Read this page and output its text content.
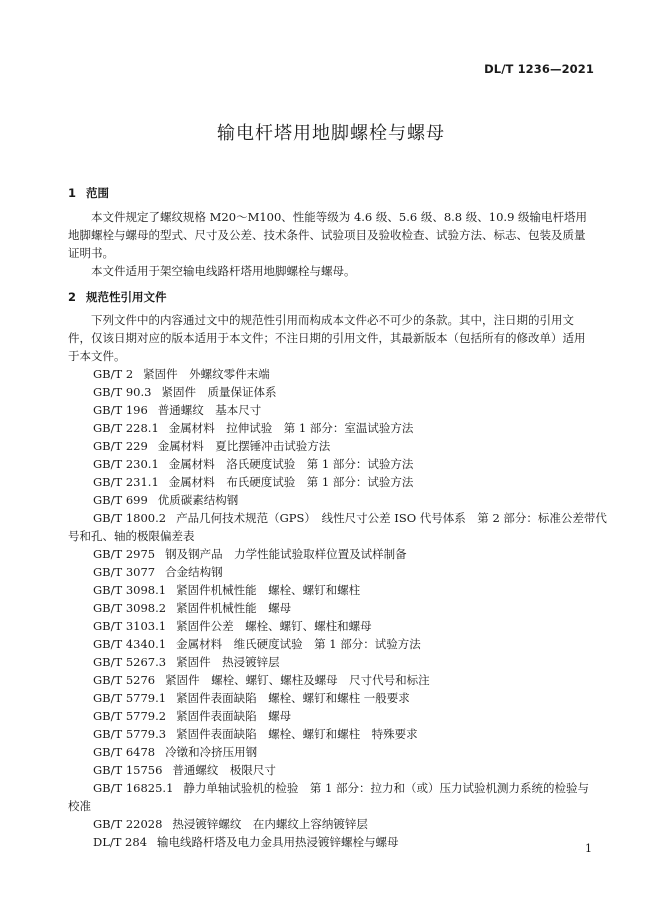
DL/T 1236—2021
输电杆塔用地脚螺栓与螺母
1 范围
本文件规定了螺纹规格 M20～M100、性能等级为 4.6 级、5.6 级、8.8 级、10.9 级输电杆塔用地脚螺栓与螺母的型式、尺寸及公差、技术条件、试验项目及验收检查、试验方法、标志、包装及质量证明书。
本文件适用于架空输电线路杆塔用地脚螺栓与螺母。
2 规范性引用文件
下列文件中的内容通过文中的规范性引用而构成本文件必不可少的条款。其中，注日期的引用文件，仅该日期对应的版本适用于本文件；不注日期的引用文件，其最新版本（包括所有的修改单）适用于本文件。
GB/T 2 紧固件　外螺纹零件末端
GB/T 90.3 紧固件　质量保证体系
GB/T 196 普通螺纹　基本尺寸
GB/T 228.1 金属材料　拉伸试验　第 1 部分：室温试验方法
GB/T 229 金属材料　夏比摆锤冲击试验方法
GB/T 230.1 金属材料　洛氏硬度试验　第 1 部分：试验方法
GB/T 231.1 金属材料　布氏硬度试验　第 1 部分：试验方法
GB/T 699 优质碳素结构钢
GB/T 1800.2 产品几何技术规范（GPS）　线性尺寸公差 ISO 代号体系　第 2 部分：标准公差带代
号和孔、轴的极限偏差表
GB/T 2975 钢及钢产品　力学性能试验取样位置及试样制备
GB/T 3077 合金结构钢
GB/T 3098.1 紧固件机械性能　螺栓、螺钉和螺柱
GB/T 3098.2 紧固件机械性能　螺母
GB/T 3103.1 紧固件公差　螺栓、螺钉、螺柱和螺母
GB/T 4340.1 金属材料　维氏硬度试验　第 1 部分：试验方法
GB/T 5267.3 紧固件　热浸镀锌层
GB/T 5276 紧固件　螺栓、螺钉、螺柱及螺母　尺寸代号和标注
GB/T 5779.1 紧固件表面缺陷　螺栓、螺钉和螺柱 一般要求
GB/T 5779.2 紧固件表面缺陷　螺母
GB/T 5779.3 紧固件表面缺陷　螺栓、螺钉和螺柱　特殊要求
GB/T 6478 冷镦和冷挤压用钢
GB/T 15756 普通螺纹　极限尺寸
GB/T 16825.1 静力单轴试验机的检验　第 1 部分：拉力和（或）压力试验机测力系统的检验与
校准
GB/T 22028 热浸镀锌螺纹　在内螺纹上容纳镀锌层
DL/T 284 输电线路杆塔及电力金具用热浸镀锌螺栓与螺母	1
